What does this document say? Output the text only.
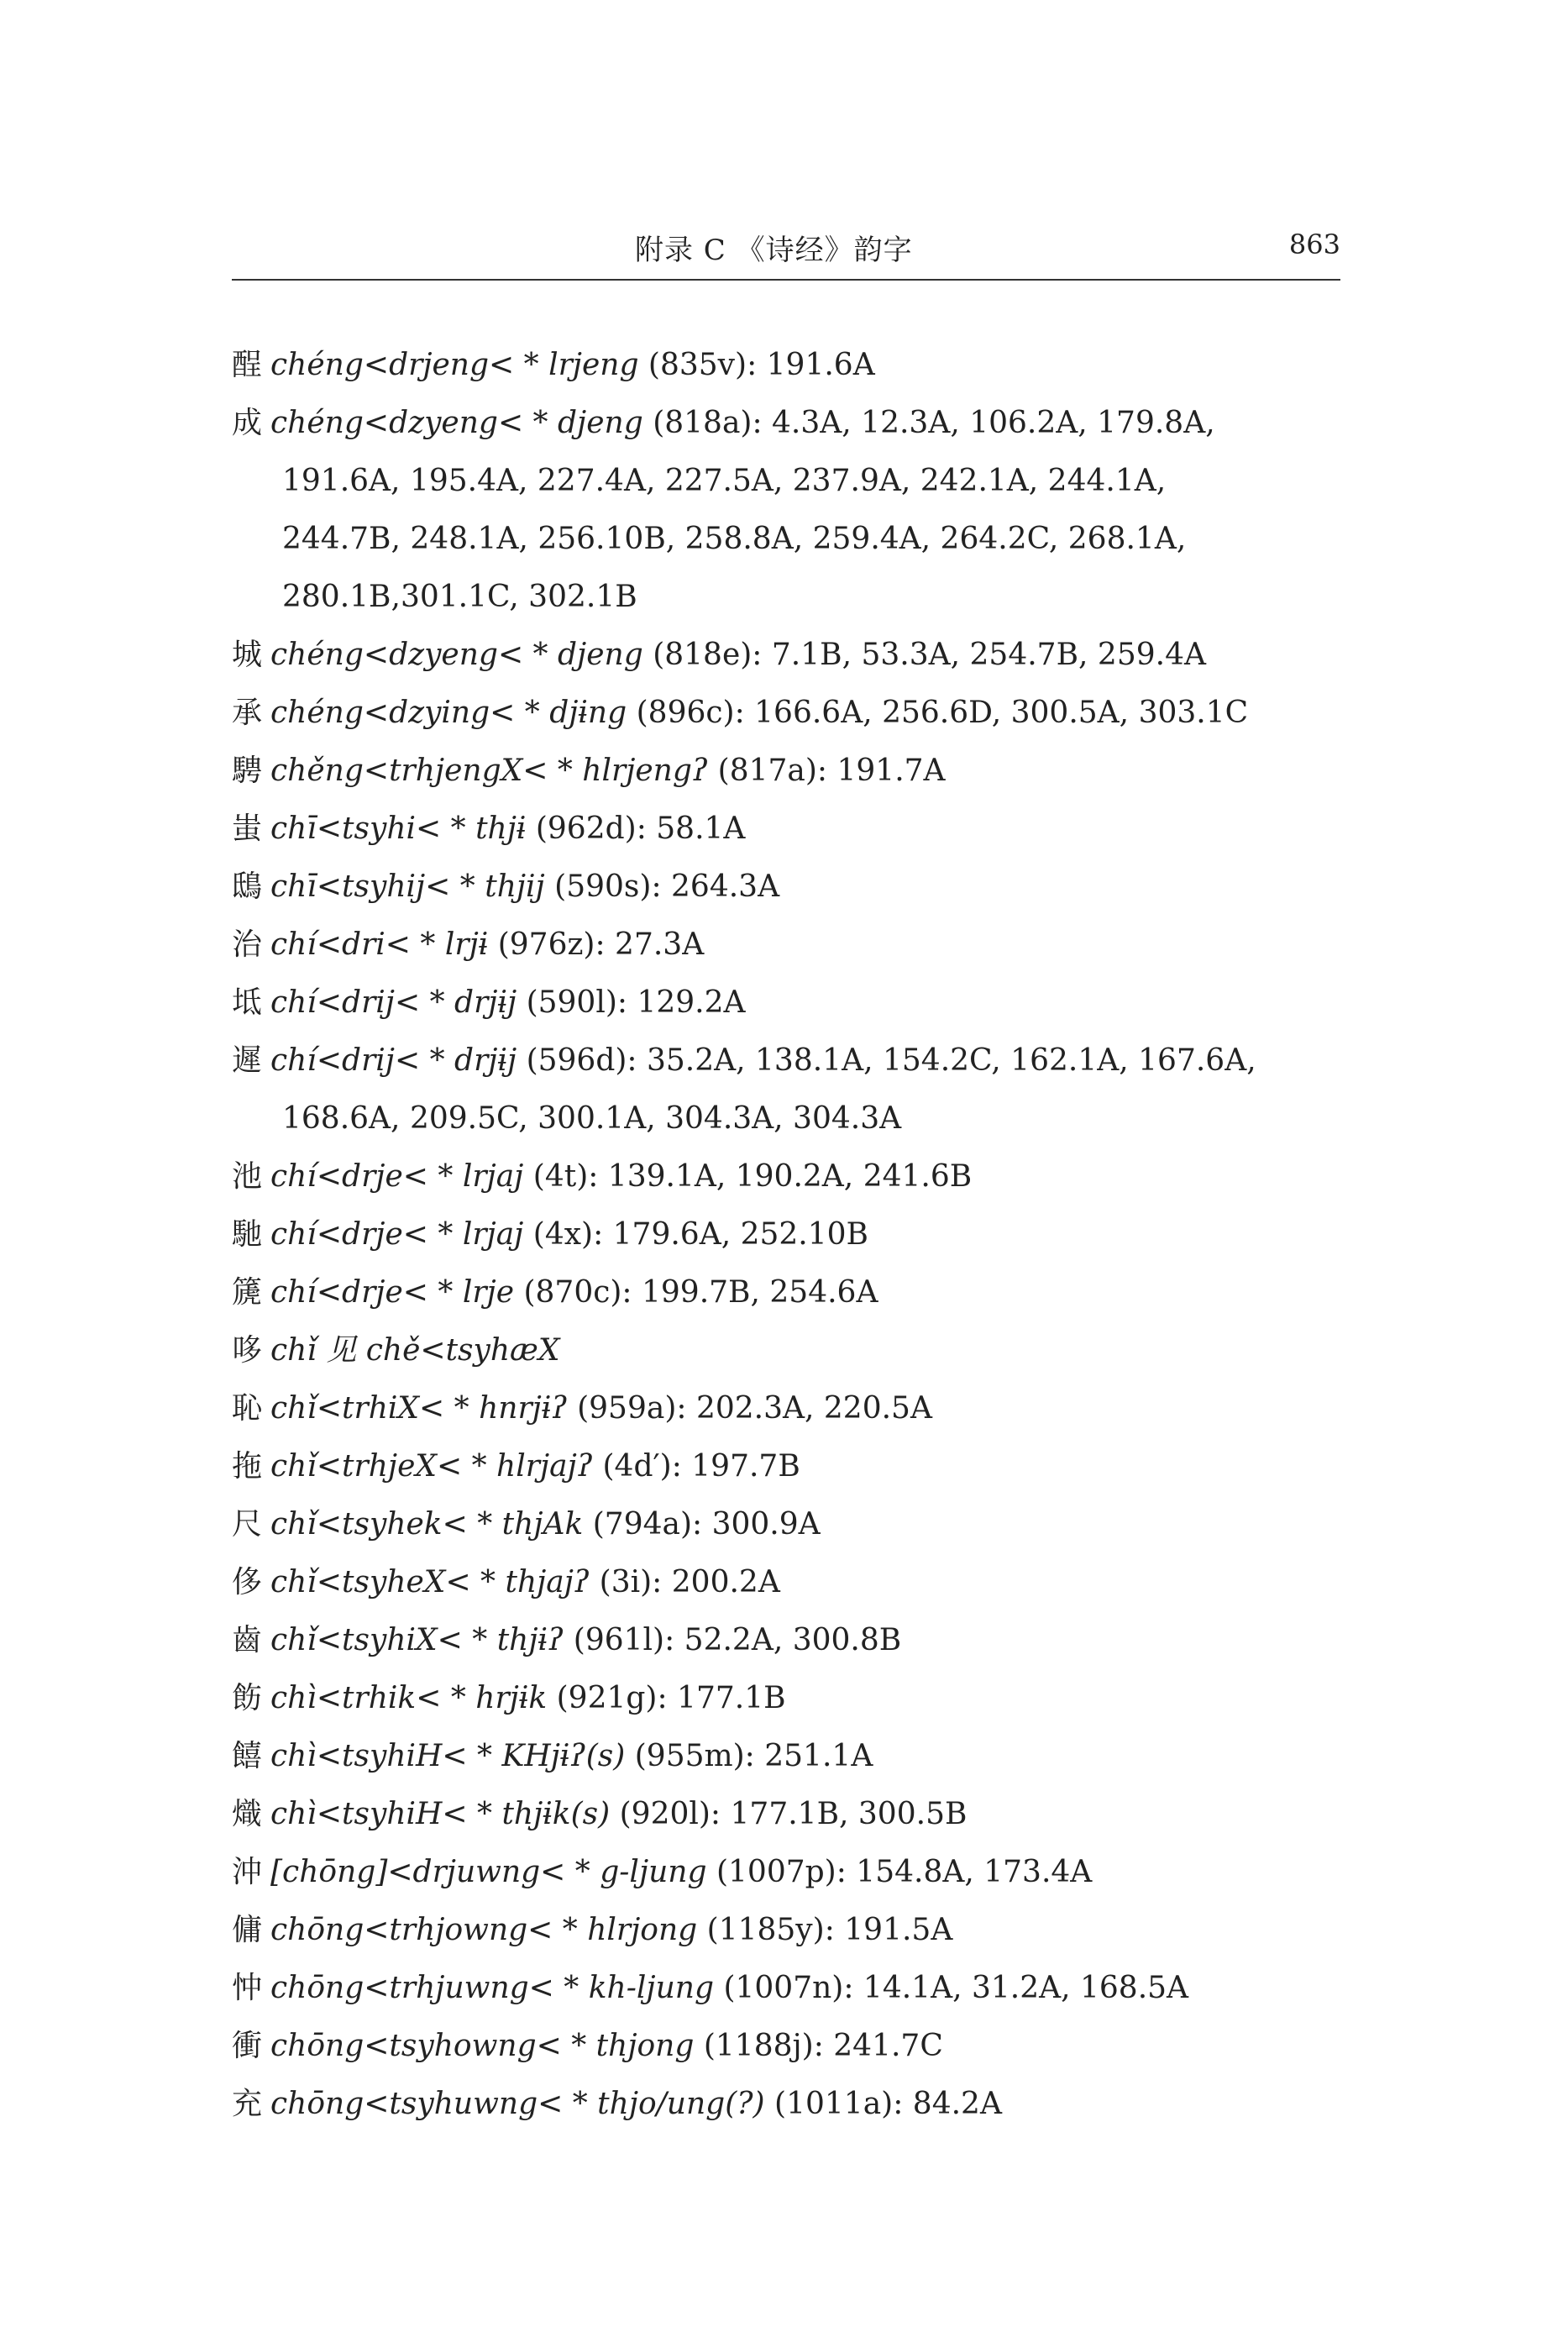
附录 C 《诗经》韵字	863
酲 chéng<drjeng< * lrjeng (835v): 191.6A
成 chéng<dzyeng< * djeng (818a): 4.3A, 12.3A, 106.2A, 179.8A,
191.6A, 195.4A, 227.4A, 227.5A, 237.9A, 242.1A, 244.1A,
244.7B, 248.1A, 256.10B, 258.8A, 259.4A, 264.2C, 268.1A,
280.1B,301.1C, 302.1B
城 chéng<dzyeng< * djeng (818e): 7.1B, 53.3A, 254.7B, 259.4A
承 chéng<dzying< * djɨng (896c): 166.6A, 256.6D, 300.5A, 303.1C
騁 chěng<trhjengX< * hlrjengʔ (817a): 191.7A
蚩 chī<tsyhi< * thjɨ (962d): 58.1A
鴟 chī<tsyhij< * thjij (590s): 264.3A
治 chí<dri< * lrjɨ (976z): 27.3A
坻 chí<drij< * drjɨj (590l): 129.2A
遲 chí<drij< * drjɨj (596d): 35.2A, 138.1A, 154.2C, 162.1A, 167.6A,
168.6A, 209.5C, 300.1A, 304.3A, 304.3A
池 chí<drje< * lrjaj (4t): 139.1A, 190.2A, 241.6B
馳 chí<drje< * lrjaj (4x): 179.6A, 252.10B
篪 chí<drje< * lrje (870c): 199.7B, 254.6A
哆 chǐ 见 chě<tsyhæX
恥 chǐ<trhiX< * hnrjɨʔ (959a): 202.3A, 220.5A
拖 chǐ<trhjeX< * hlrjajʔ (4d′): 197.7B
尺 chǐ<tsyhek< * thjAk (794a): 300.9A
侈 chǐ<tsyheX< * thjajʔ (3i): 200.2A
齒 chǐ<tsyhiX< * thjɨʔ (961l): 52.2A, 300.8B
飭 chì<trhik< * hrjɨk (921g): 177.1B
饎 chì<tsyhiH< * KHjɨʔ(s) (955m): 251.1A
熾 chì<tsyhiH< * thjɨk(s) (920l): 177.1B, 300.5B
沖 [chōng]<drjuwng< * g-ljung (1007p): 154.8A, 173.4A
傭 chōng<trhjowng< * hlrjong (1185y): 191.5A
忡 chōng<trhjuwng< * kh-ljung (1007n): 14.1A, 31.2A, 168.5A
衝 chōng<tsyhowng< * thjong (1188j): 241.7C
充 chōng<tsyhuwng< * thjo/ung(?) (1011a): 84.2A
